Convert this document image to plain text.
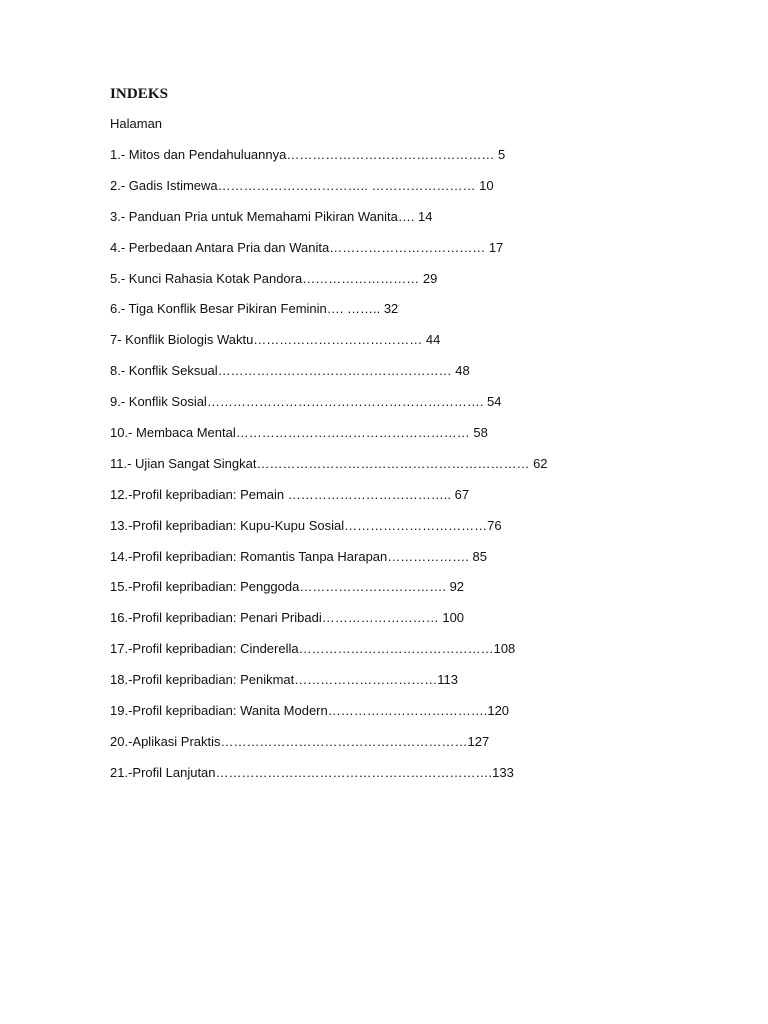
INDEKS
Halaman
1.- Mitos dan Pendahuluannya………………………………………… 5
2.- Gadis Istimewa…………………………….. …………………… 10
3.- Panduan Pria untuk Memahami Pikiran Wanita…. 14
4.- Perbedaan Antara Pria dan Wanita……………………………… 17
5.- Kunci Rahasia Kotak Pandora……………………… 29
6.- Tiga Konflik Besar Pikiran Feminin…. …….. 32
7- Konflik Biologis Waktu………………………………… 44
8.- Konflik Seksual……………………………………………… 48
9.- Konflik Sosial………………………………………………………. 54
10.- Membaca Mental……………………………………………… 58
11.- Ujian Sangat Singkat……………………………………………………… 62
12.-Profil kepribadian: Pemain ……………………………….. 67
13.-Profil kepribadian: Kupu-Kupu Sosial……………………………76
14.-Profil kepribadian: Romantis Tanpa Harapan………………. 85
15.-Profil kepribadian: Penggoda……………………………. 92
16.-Profil kepribadian: Penari Pribadi……………………… 100
17.-Profil kepribadian: Cinderella………………………………………108
18.-Profil kepribadian: Penikmat……………………………113
19.-Profil kepribadian: Wanita Modern……………………………….120
20.-Aplikasi Praktis…………………………………………………127
21.-Profil Lanjutan……………………………………………………….133
